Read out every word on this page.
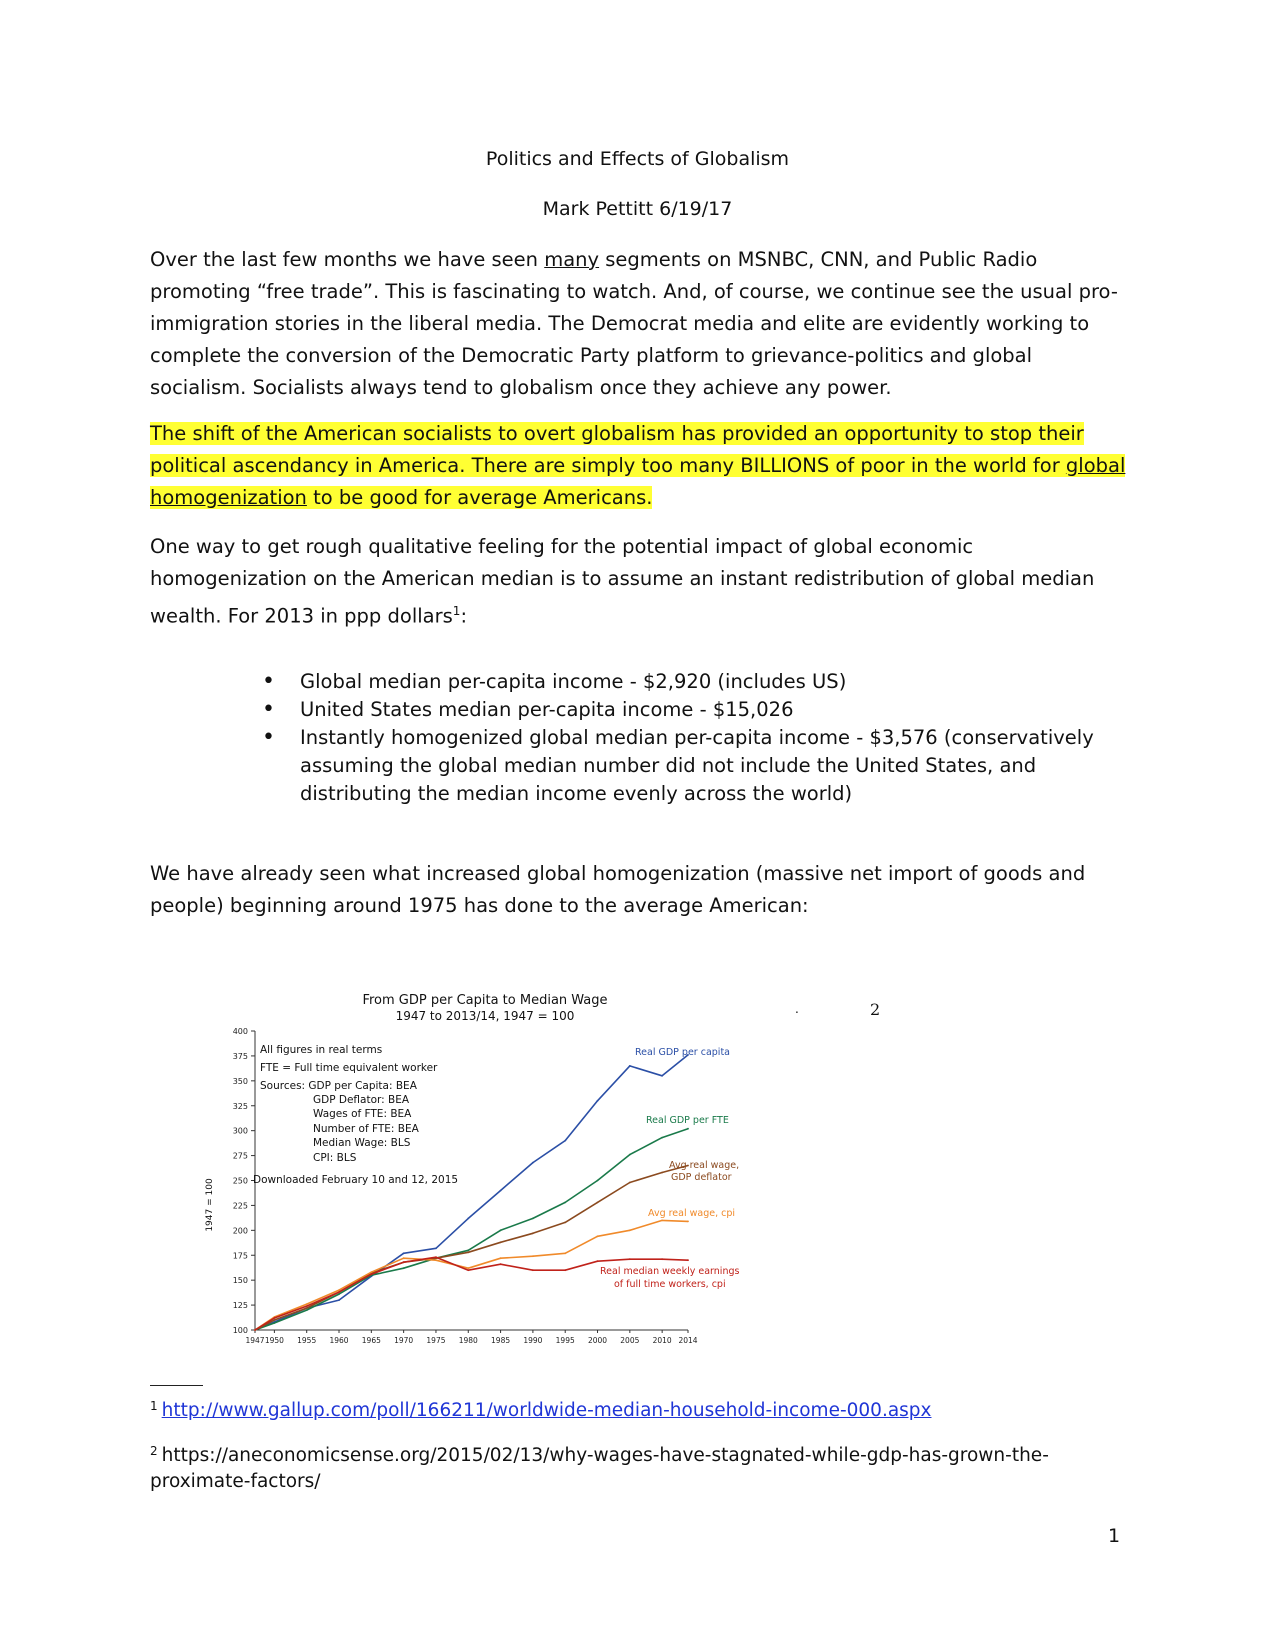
Politics and Effects of Globalism
Mark Pettitt 6/19/17
Over the last few months we have seen many segments on MSNBC, CNN, and Public Radio promoting “free trade”. This is fascinating to watch. And, of course, we continue see the usual pro-immigration stories in the liberal media. The Democrat media and elite are evidently working to complete the conversion of the Democratic Party platform to grievance-politics and global socialism. Socialists always tend to globalism once they achieve any power.
The shift of the American socialists to overt globalism has provided an opportunity to stop their political ascendancy in America. There are simply too many BILLIONS of poor in the world for global homogenization to be good for average Americans.
One way to get rough qualitative feeling for the potential impact of global economic homogenization on the American median is to assume an instant redistribution of global median wealth. For 2013 in ppp dollars$^1$:
• Global median per-capita income - $2,920 (includes US)
• United States median per-capita income - $15,026
• Instantly homogenized global median per-capita income - $3,576 (conservatively assuming the global median number did not include the United States, and distributing the median income evenly across the world)
We have already seen what increased global homogenization (massive net import of goods and people) beginning around 1975 has done to the average American:
.	2
From GDP per Capita to Median Wage
1947 to 2013/14, 1947 = 100
1947 = 100
100
125
150
175
200
225
250
275
300
325
350
375
400
1947 1950 1955 1960 1965 1970 1975 1980 1985 1990 1995 2000 2005 2010 2014
All figures in real terms
FTE = Full time equivalent worker
Sources: GDP per Capita: BEA
GDP Deflator: BEA
Wages of FTE: BEA
Number of FTE: BEA
Median Wage: BLS
CPI: BLS
Downloaded February 10 and 12, 2015
Real GDP per capita
Real GDP per FTE
Avg real wage,
GDP deflator
Avg real wage, cpi
Real median weekly earnings
of full time workers, cpi
$^1$ http://www.gallup.com/poll/166211/worldwide-median-household-income-000.aspx
$^2$ https://aneconomicsense.org/2015/02/13/why-wages-have-stagnated-while-gdp-has-grown-the-proximate-factors/
1
